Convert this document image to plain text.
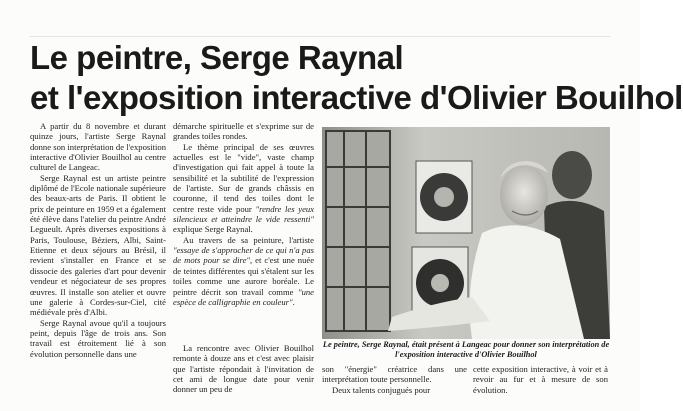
Le peintre, Serge Raynal
et l'exposition interactive d'Olivier Bouilhol

A partir du 8 novembre et durant quinze jours, l'artiste Serge Raynal donne son interprétation de l'exposition interactive d'Olivier Bouilhol au centre culturel de Langeac.

Serge Raynal est un artiste peintre diplômé de l'Ecole nationale supérieure des beaux-arts de Paris. Il obtient le prix de peinture en 1959 et a également été élève dans l'atelier du peintre André Legueult. Après diverses expositions à Paris, Toulouse, Béziers, Albi, Saint-Etienne et deux séjours au Brésil, il revient s'installer en France et se dissocie des galeries d'art pour devenir vendeur et négociateur de ses propres œuvres. Il installe son atelier et ouvre une galerie à Cordes-sur-Ciel, cité médiévale près d'Albi.

Serge Raynal avoue qu'il a toujours peint, depuis l'âge de trois ans. Son travail est étroitement lié à son évolution personnelle dans une

démarche spirituelle et s'exprime sur de grandes toiles rondes.

Le thème principal de ses œuvres actuelles est le "vide", vaste champ d'investigation qui fait appel à toute la sensibilité et la subtilité de l'expression de l'artiste. Sur de grands châssis en couronne, il tend des toiles dont le centre reste vide pour "rendre les yeux silencieux et atteindre le vide ressenti" explique Serge Raynal.

Au travers de sa peinture, l'artiste "essaye de s'approcher de ce qui n'a pas de mots pour se dire", et c'est une nuée de teintes différentes qui s'étalent sur les toiles comme une aurore boréale. Le peintre décrit son travail comme "une espèce de calligraphie en couleur".

La rencontre avec Olivier Bouilhol remonte à douze ans et c'est avec plaisir que l'artiste répondait à l'invitation de cet ami de longue date pour venir donner un peu de

Le peintre, Serge Raynal, était présent à Langeac pour donner son interprétation de l'exposition interactive d'Olivier Bouilhol

son "énergie" créatrice dans une interprétation toute personnelle.

Deux talents conjugués pour

cette exposition interactive, à voir et à revoir au fur et à mesure de son évolution.
